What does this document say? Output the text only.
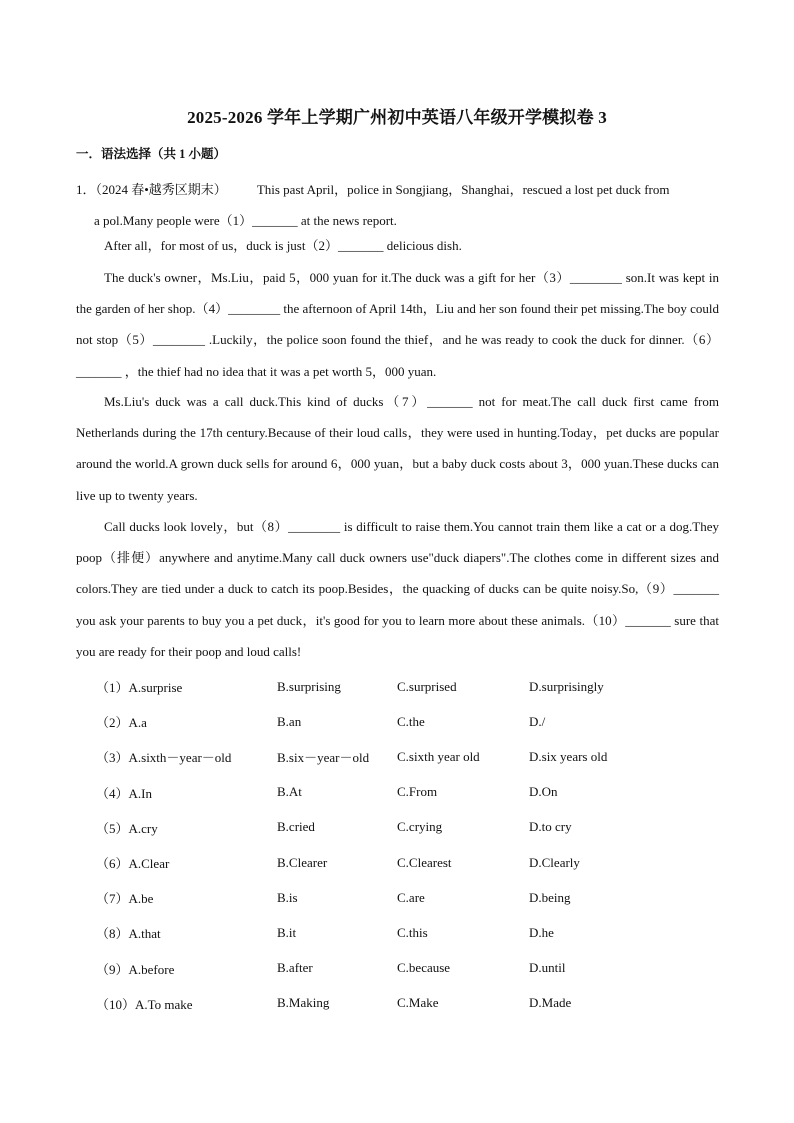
2025-2026 学年上学期广州初中英语八年级开学模拟卷 3
一．语法选择（共 1 小题）
1．（2024 春•越秀区期末） This past April，police in Songjiang，Shanghai，rescued a lost pet duck from
a pol.Many people were（1）_______ at the news report.

After all，for most of us，duck is just（2）_______ delicious dish.

The duck's owner，Ms.Liu，paid 5，000 yuan for it.The duck was a gift for her（3）________ son.It was kept in the garden of her shop.（4）________ the afternoon of April 14th，Liu and her son found their pet missing.The boy could not stop（5）________ .Luckily，the police soon found the thief，and he was ready to cook the duck for dinner.（6）_______ ，the thief had no idea that it was a pet worth 5，000 yuan.

Ms.Liu's duck was a call duck.This kind of ducks（7）_______ not for meat.The call duck first came from Netherlands during the 17th century.Because of their loud calls，they were used in hunting.Today，pet ducks are popular around the world.A grown duck sells for around 6，000 yuan，but a baby duck costs about 3，000 yuan.These ducks can live up to twenty years.

Call ducks look lovely，but（8）________ is difficult to raise them.You cannot train them like a cat or a dog.They poop（排便）anywhere and anytime.Many call duck owners use"duck diapers".The clothes come in different sizes and colors.They are tied under a duck to catch its poop.Besides，the quacking of ducks can be quite noisy.So,（9）_______ you ask your parents to buy you a pet duck，it's good for you to learn more about these animals.（10）_______ sure that you are ready for their poop and loud calls!

（1）A.surprise	B.surprising	C.surprised	D.surprisingly
（2）A.a	B.an	C.the	D./
（3）A.sixth－year－old	B.six－year－old	C.sixth year old	D.six years old
（4）A.In	B.At	C.From	D.On
（5）A.cry	B.cried	C.crying	D.to cry
（6）A.Clear	B.Clearer	C.Clearest	D.Clearly
（7）A.be	B.is	C.are	D.being
（8）A.that	B.it	C.this	D.he
（9）A.before	B.after	C.because	D.until
（10）A.To make	B.Making	C.Make	D.Made
